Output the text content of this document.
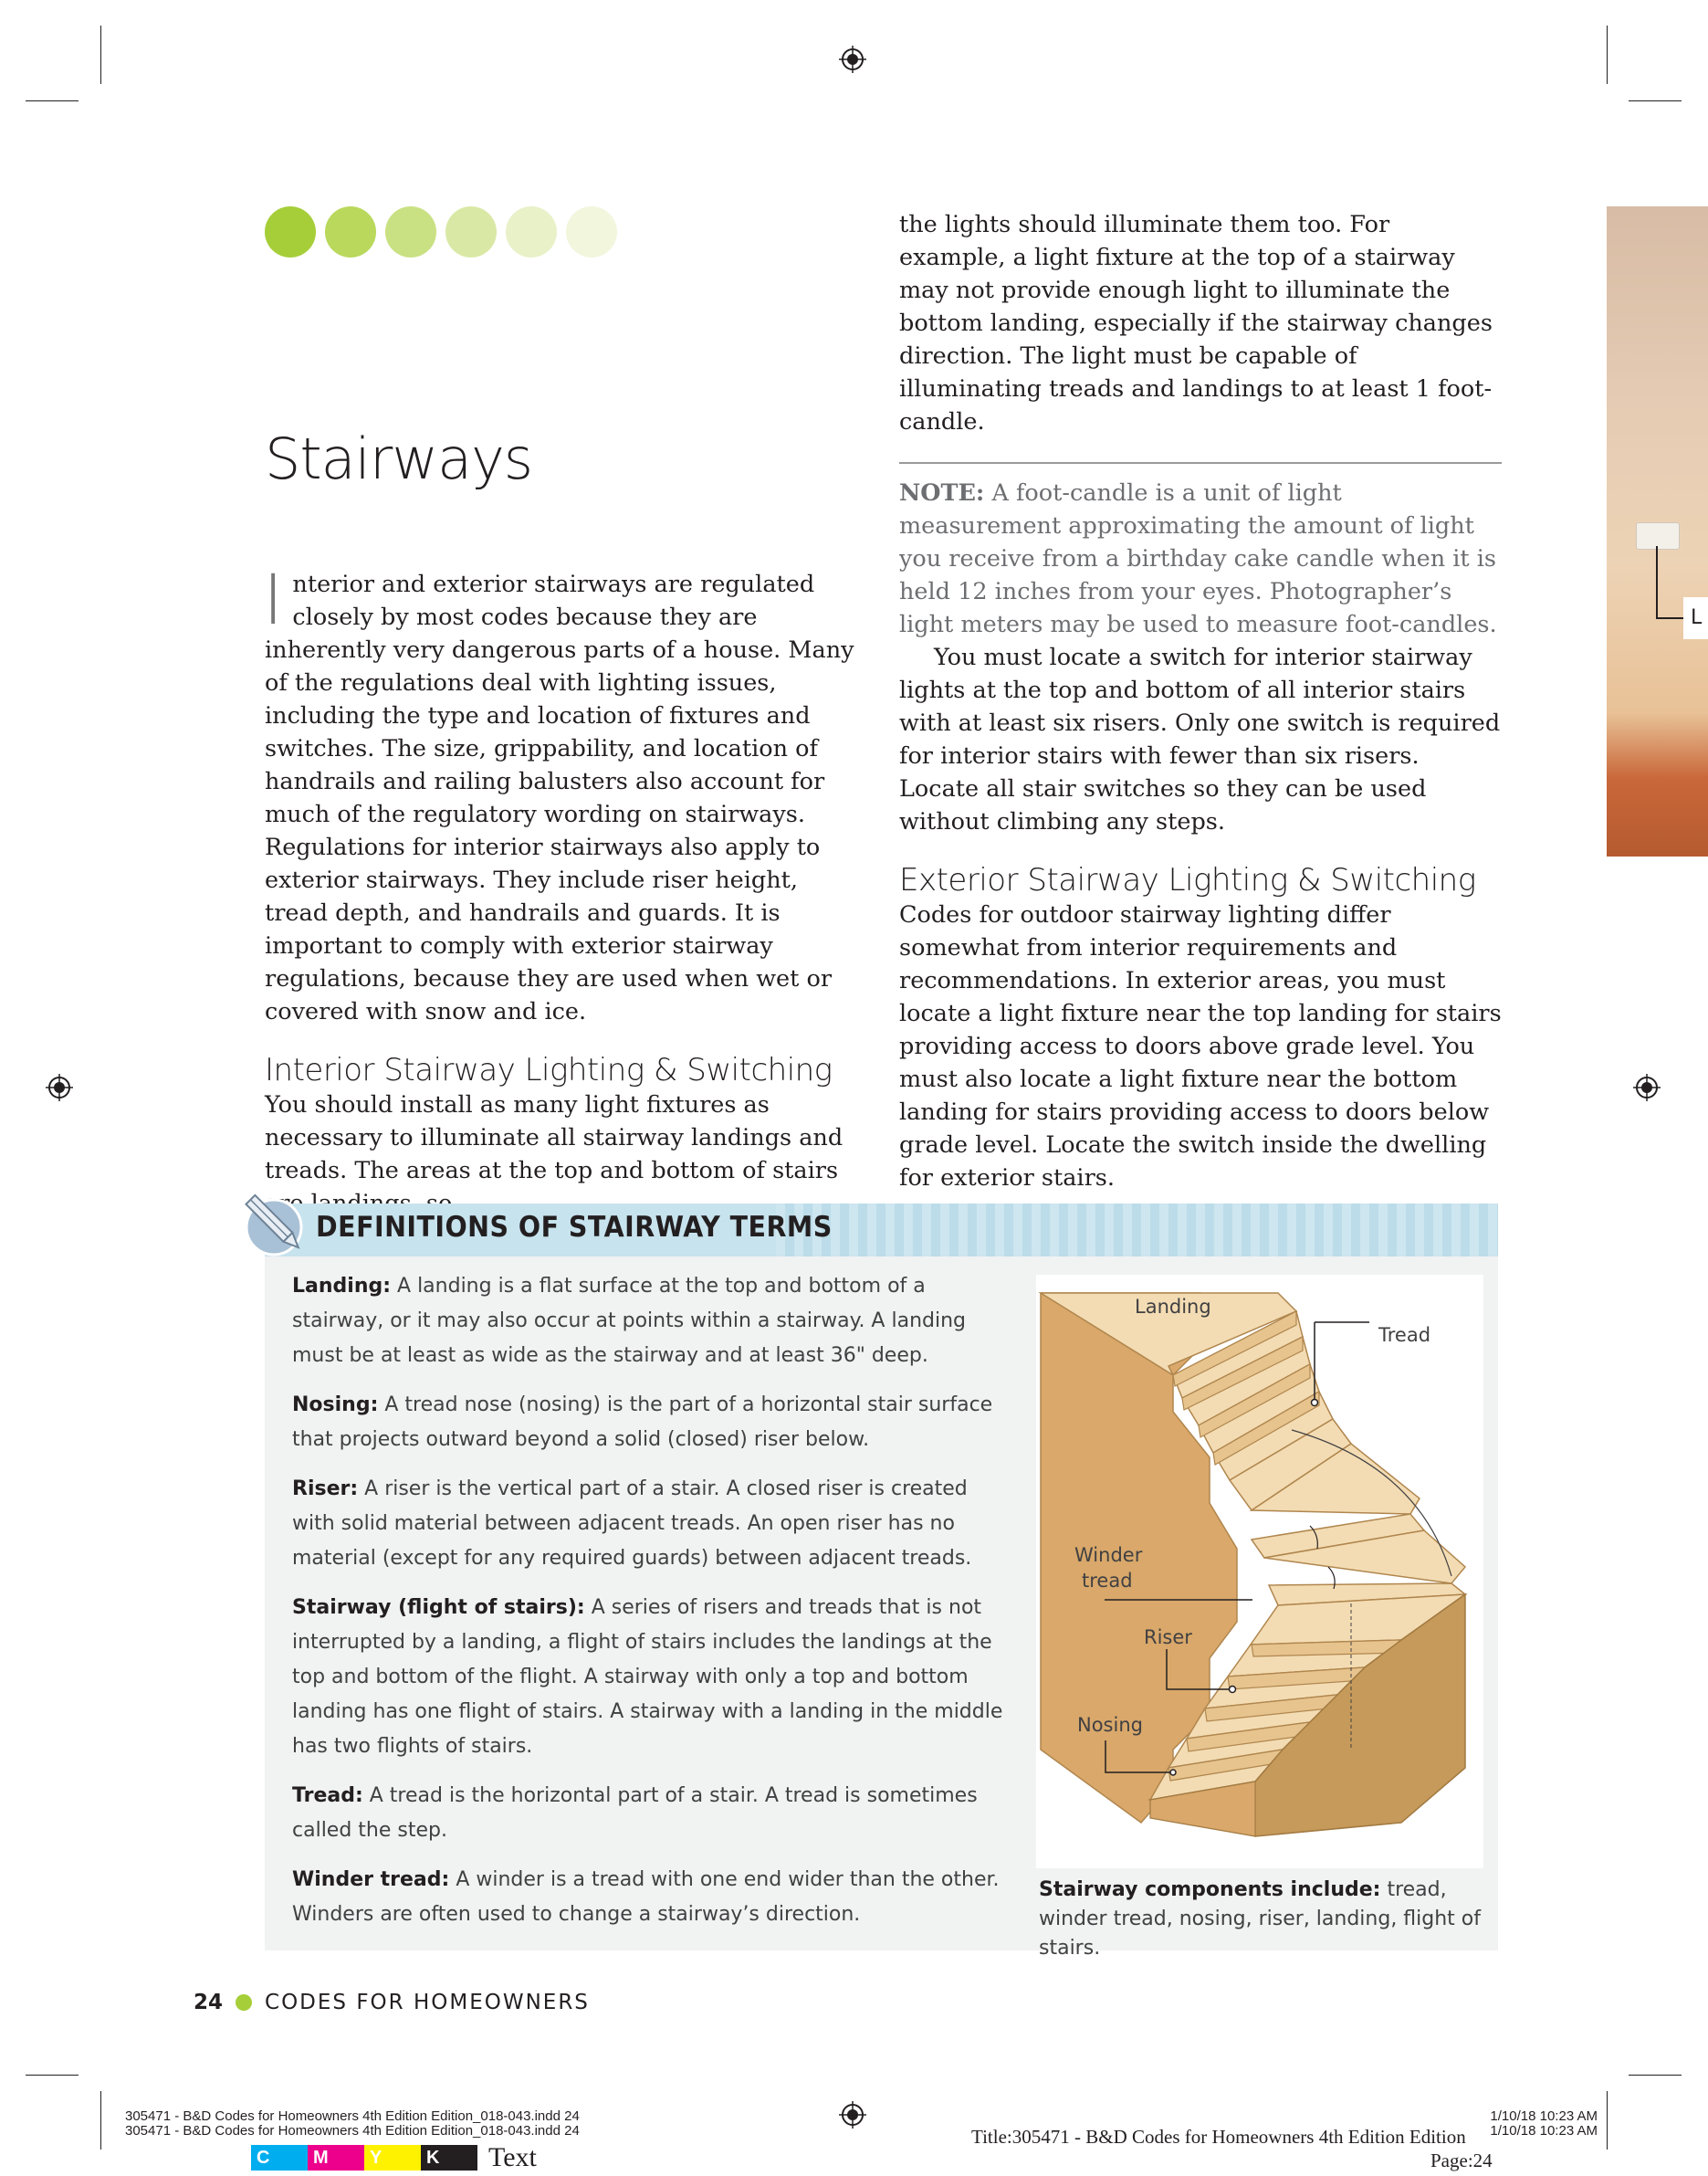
Stairways

Interior and exterior stairways are regulated closely by most codes because they are inherently very dangerous parts of a house. Many of the regulations deal with lighting issues, including the type and location of fixtures and switches. The size, grippability, and location of handrails and railing balusters also account for much of the regulatory wording on stairways. Regulations for interior stairways also apply to exterior stairways. They include riser height, tread depth, and handrails and guards. It is important to comply with exterior stairway regulations, because they are used when wet or covered with snow and ice.

Interior Stairway Lighting & Switching

You should install as many light fixtures as necessary to illuminate all stairway landings and treads. The areas at the top and bottom of stairs

the lights should illuminate them too. For example, a light fixture at the top of a stairway may not provide enough light to illuminate the bottom landing, especially if the stairway changes direction. The light must be capable of illuminating treads and landings to at least 1 foot-candle.

NOTE: A foot-candle is a unit of light measurement approximating the amount of light you receive from a birthday cake candle when it is held 12 inches from your eyes. Photographer’s light meters may be used to measure foot-candles.

You must locate a switch for interior stairway lights at the top and bottom of all interior stairs with at least six risers. Only one switch is required for interior stairs with fewer than six risers. Locate all stair switches so they can be used without climbing any steps.

Exterior Stairway Lighting & Switching

Codes for outdoor stairway lighting differ somewhat from interior requirements and recommendations. In exterior areas, you must locate a light fixture near the top landing for stairs providing access to doors above grade level. You must also locate a light fixture near the bottom landing for stairs providing access to doors below grade level. Locate the switch inside the dwelling for exterior stairs.

L
DEFINITIONS OF STAIRWAY TERMS

Landing: A landing is a flat surface at the top and bottom of a stairway, or it may also occur at points within a stairway. A landing must be at least as wide as the stairway and at least 36" deep.

Nosing: A tread nose (nosing) is the part of a horizontal stair surface that projects outward beyond a solid (closed) riser below.

Riser: A riser is the vertical part of a stair. A closed riser is created with solid material between adjacent treads. An open riser has no material (except for any required guards) between adjacent treads.

Stairway (flight of stairs): A series of risers and treads that is not interrupted by a landing, a flight of stairs includes the landings at the top and bottom of the flight. A stairway with only a top and bottom landing has one flight of stairs. A stairway with a landing in the middle has two flights of stairs.

Tread: A tread is the horizontal part of a stair. A tread is sometimes called the step.

Winder tread: A winder is a tread with one end wider than the other. Winders are often used to change a stairway’s direction.

Landing
Tread
Winder
tread
Riser
Nosing
Stairway components include: tread, winder tread, nosing, riser, landing, flight of stairs.
24 CODES FOR HOMEOWNERS
305471 - B&D Codes for Homeowners 4th Edition Edition_018-043.indd 24
305471 - B&D Codes for Homeowners 4th Edition Edition_018-043.indd 24
1/10/18 10:23 AM
1/10/18 10:23 AM
Title:305471 - B&D Codes for Homeowners 4th Edition Edition
Page:24
C	M	Y	K	Text
